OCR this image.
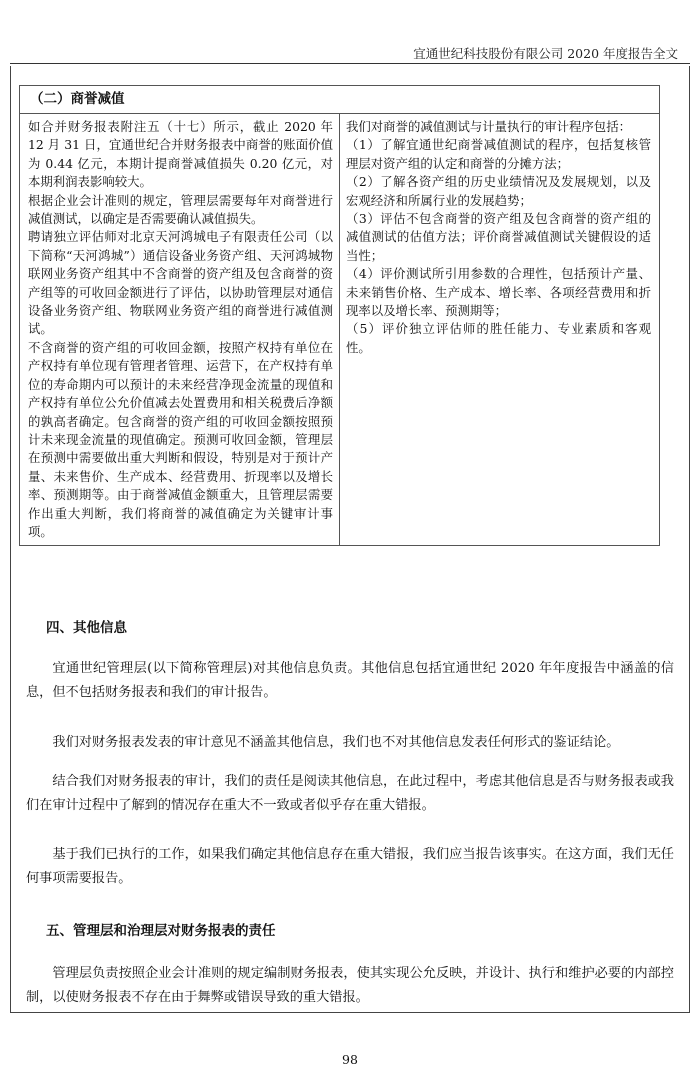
宜通世纪科技股份有限公司 2020 年度报告全文
（二）商誉减值

如合并财务报表附注五（十七）所示，截止 2020 年 12 月 31 日，宜通世纪合并财务报表中商誉的账面价值为 0.44 亿元，本期计提商誉减值损失 0.20 亿元，对本期利润表影响较大。
根据企业会计准则的规定，管理层需要每年对商誉进行减值测试，以确定是否需要确认减值损失。
聘请独立评估师对北京天河鸿城电子有限责任公司（以下简称“天河鸿城”）通信设备业务资产组、天河鸿城物联网业务资产组其中不含商誉的资产组及包含商誉的资产组等的可收回金额进行了评估，以协助管理层对通信设备业务资产组、物联网业务资产组的商誉进行减值测试。
不含商誉的资产组的可收回金额，按照产权持有单位在产权持有单位现有管理者管理、运营下，在产权持有单位的寿命期内可以预计的未来经营净现金流量的现值和产权持有单位公允价值减去处置费用和相关税费后净额的孰高者确定。包含商誉的资产组的可收回金额按照预计未来现金流量的现值确定。预测可收回金额，管理层在预测中需要做出重大判断和假设，特别是对于预计产量、未来售价、生产成本、经营费用、折现率以及增长率、预测期等。由于商誉减值金额重大，且管理层需要作出重大判断，我们将商誉的减值确定为关键审计事项。

我们对商誉的减值测试与计量执行的审计程序包括：
（1）了解宜通世纪商誉减值测试的程序，包括复核管理层对资产组的认定和商誉的分摊方法；
（2）了解各资产组的历史业绩情况及发展规划，以及宏观经济和所属行业的发展趋势；
（3）评估不包含商誉的资产组及包含商誉的资产组的减值测试的估值方法；评价商誉减值测试关键假设的适当性；
（4）评价测试所引用参数的合理性，包括预计产量、未来销售价格、生产成本、增长率、各项经营费用和折现率以及增长率、预测期等；
（5）评价独立评估师的胜任能力、专业素质和客观性。
四、其他信息
宜通世纪管理层(以下简称管理层)对其他信息负责。其他信息包括宜通世纪 2020 年年度报告中涵盖的信息，但不包括财务报表和我们的审计报告。
我们对财务报表发表的审计意见不涵盖其他信息，我们也不对其他信息发表任何形式的鉴证结论。
结合我们对财务报表的审计，我们的责任是阅读其他信息，在此过程中，考虑其他信息是否与财务报表或我们在审计过程中了解到的情况存在重大不一致或者似乎存在重大错报。
基于我们已执行的工作，如果我们确定其他信息存在重大错报，我们应当报告该事实。在这方面，我们无任何事项需要报告。
五、管理层和治理层对财务报表的责任
管理层负责按照企业会计准则的规定编制财务报表，使其实现公允反映，并设计、执行和维护必要的内部控制，以使财务报表不存在由于舞弊或错误导致的重大错报。
98
